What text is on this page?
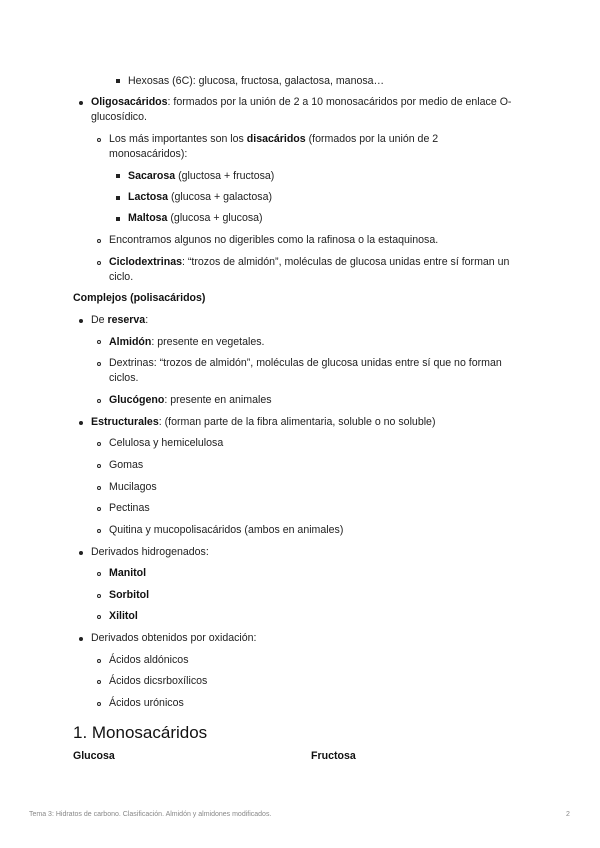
Hexosas (6C): glucosa, fructosa, galactosa, manosa…
Oligosacáridos: formados por la unión de 2 a 10 monosacáridos por medio de enlace O-glucosídico.
Los más importantes son los disacáridos (formados por la unión de 2 monosacáridos):
Sacarosa (gluctosa + fructosa)
Lactosa (glucosa + galactosa)
Maltosa (glucosa + glucosa)
Encontramos algunos no digeribles como la rafinosa o la estaquinosa.
Ciclodextrinas: “trozos de almidón”, moléculas de glucosa unidas entre sí forman un ciclo.
Complejos (polisacáridos)
De reserva:
Almidón: presente en vegetales.
Dextrinas: “trozos de almidón”, moléculas de glucosa unidas entre sí que no forman ciclos.
Glucógeno: presente en animales
Estructurales: (forman parte de la fibra alimentaria, soluble o no soluble)
Celulosa y hemicelulosa
Gomas
Mucilagos
Pectinas
Quitina y mucopolisacáridos (ambos en animales)
Derivados hidrogenados:
Manitol
Sorbitol
Xilitol
Derivados obtenidos por oxidación:
Ácidos aldónicos
Ácidos dicsrboxílicos
Ácidos urónicos
1. Monosacáridos
Glucosa	Fructosa
Tema 3: Hidratos de carbono. Clasificación. Almidón y almidones modificados.	2
